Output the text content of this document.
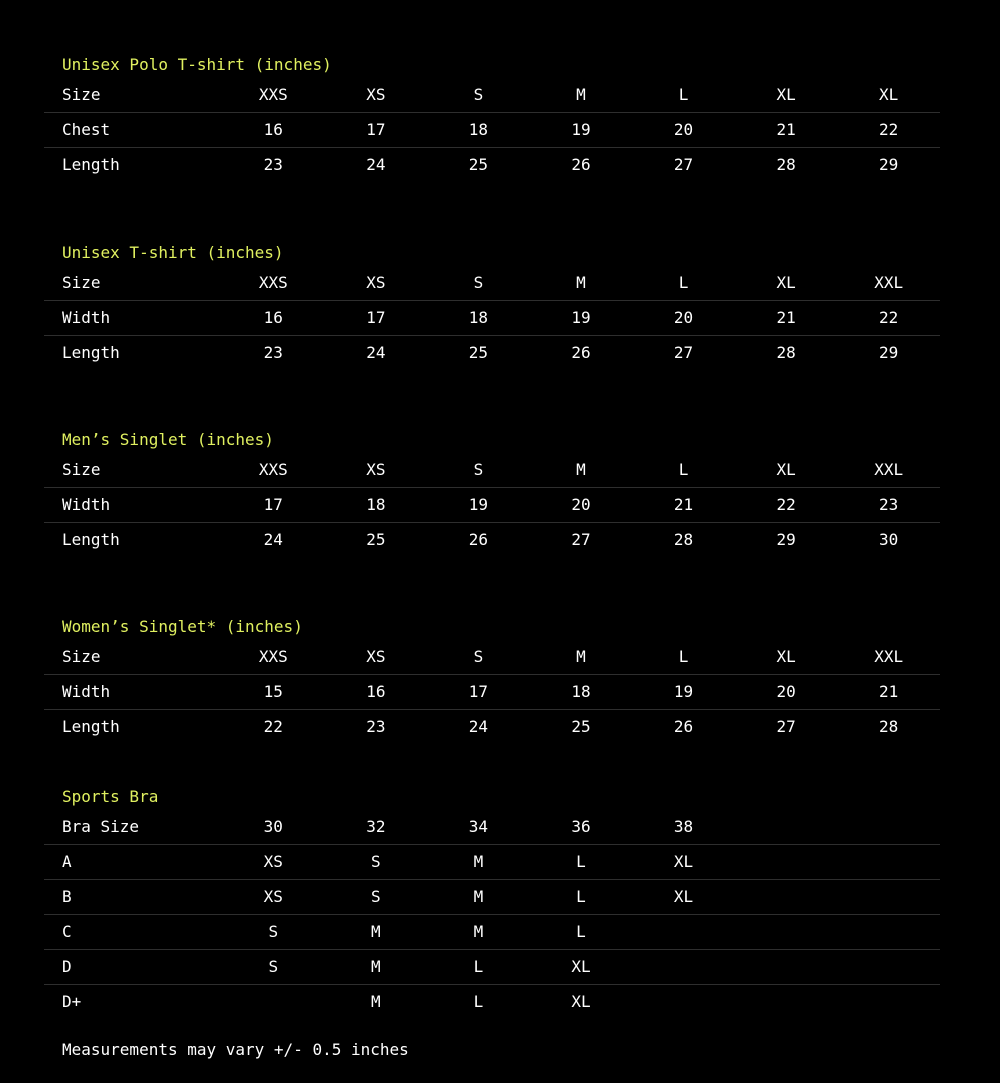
Unisex Polo T-shirt (inches)
Size	XXS	XS	S	M	L	XL	XL
Chest	16	17	18	19	20	21	22
Length	23	24	25	26	27	28	29
Unisex T-shirt (inches)
Size	XXS	XS	S	M	L	XL	XXL
Width	16	17	18	19	20	21	22
Length	23	24	25	26	27	28	29
Men’s Singlet (inches)
Size	XXS	XS	S	M	L	XL	XXL
Width	17	18	19	20	21	22	23
Length	24	25	26	27	28	29	30
Women’s Singlet* (inches)
Size	XXS	XS	S	M	L	XL	XXL
Width	15	16	17	18	19	20	21
Length	22	23	24	25	26	27	28
Sports Bra
Bra Size	30	32	34	36	38		
A	XS	S	M	L	XL		
B	XS	S	M	L	XL		
C	S	M	M	L			
D	S	M	L	XL			
D+		M	L	XL			
Measurements may vary +/- 0.5 inches
